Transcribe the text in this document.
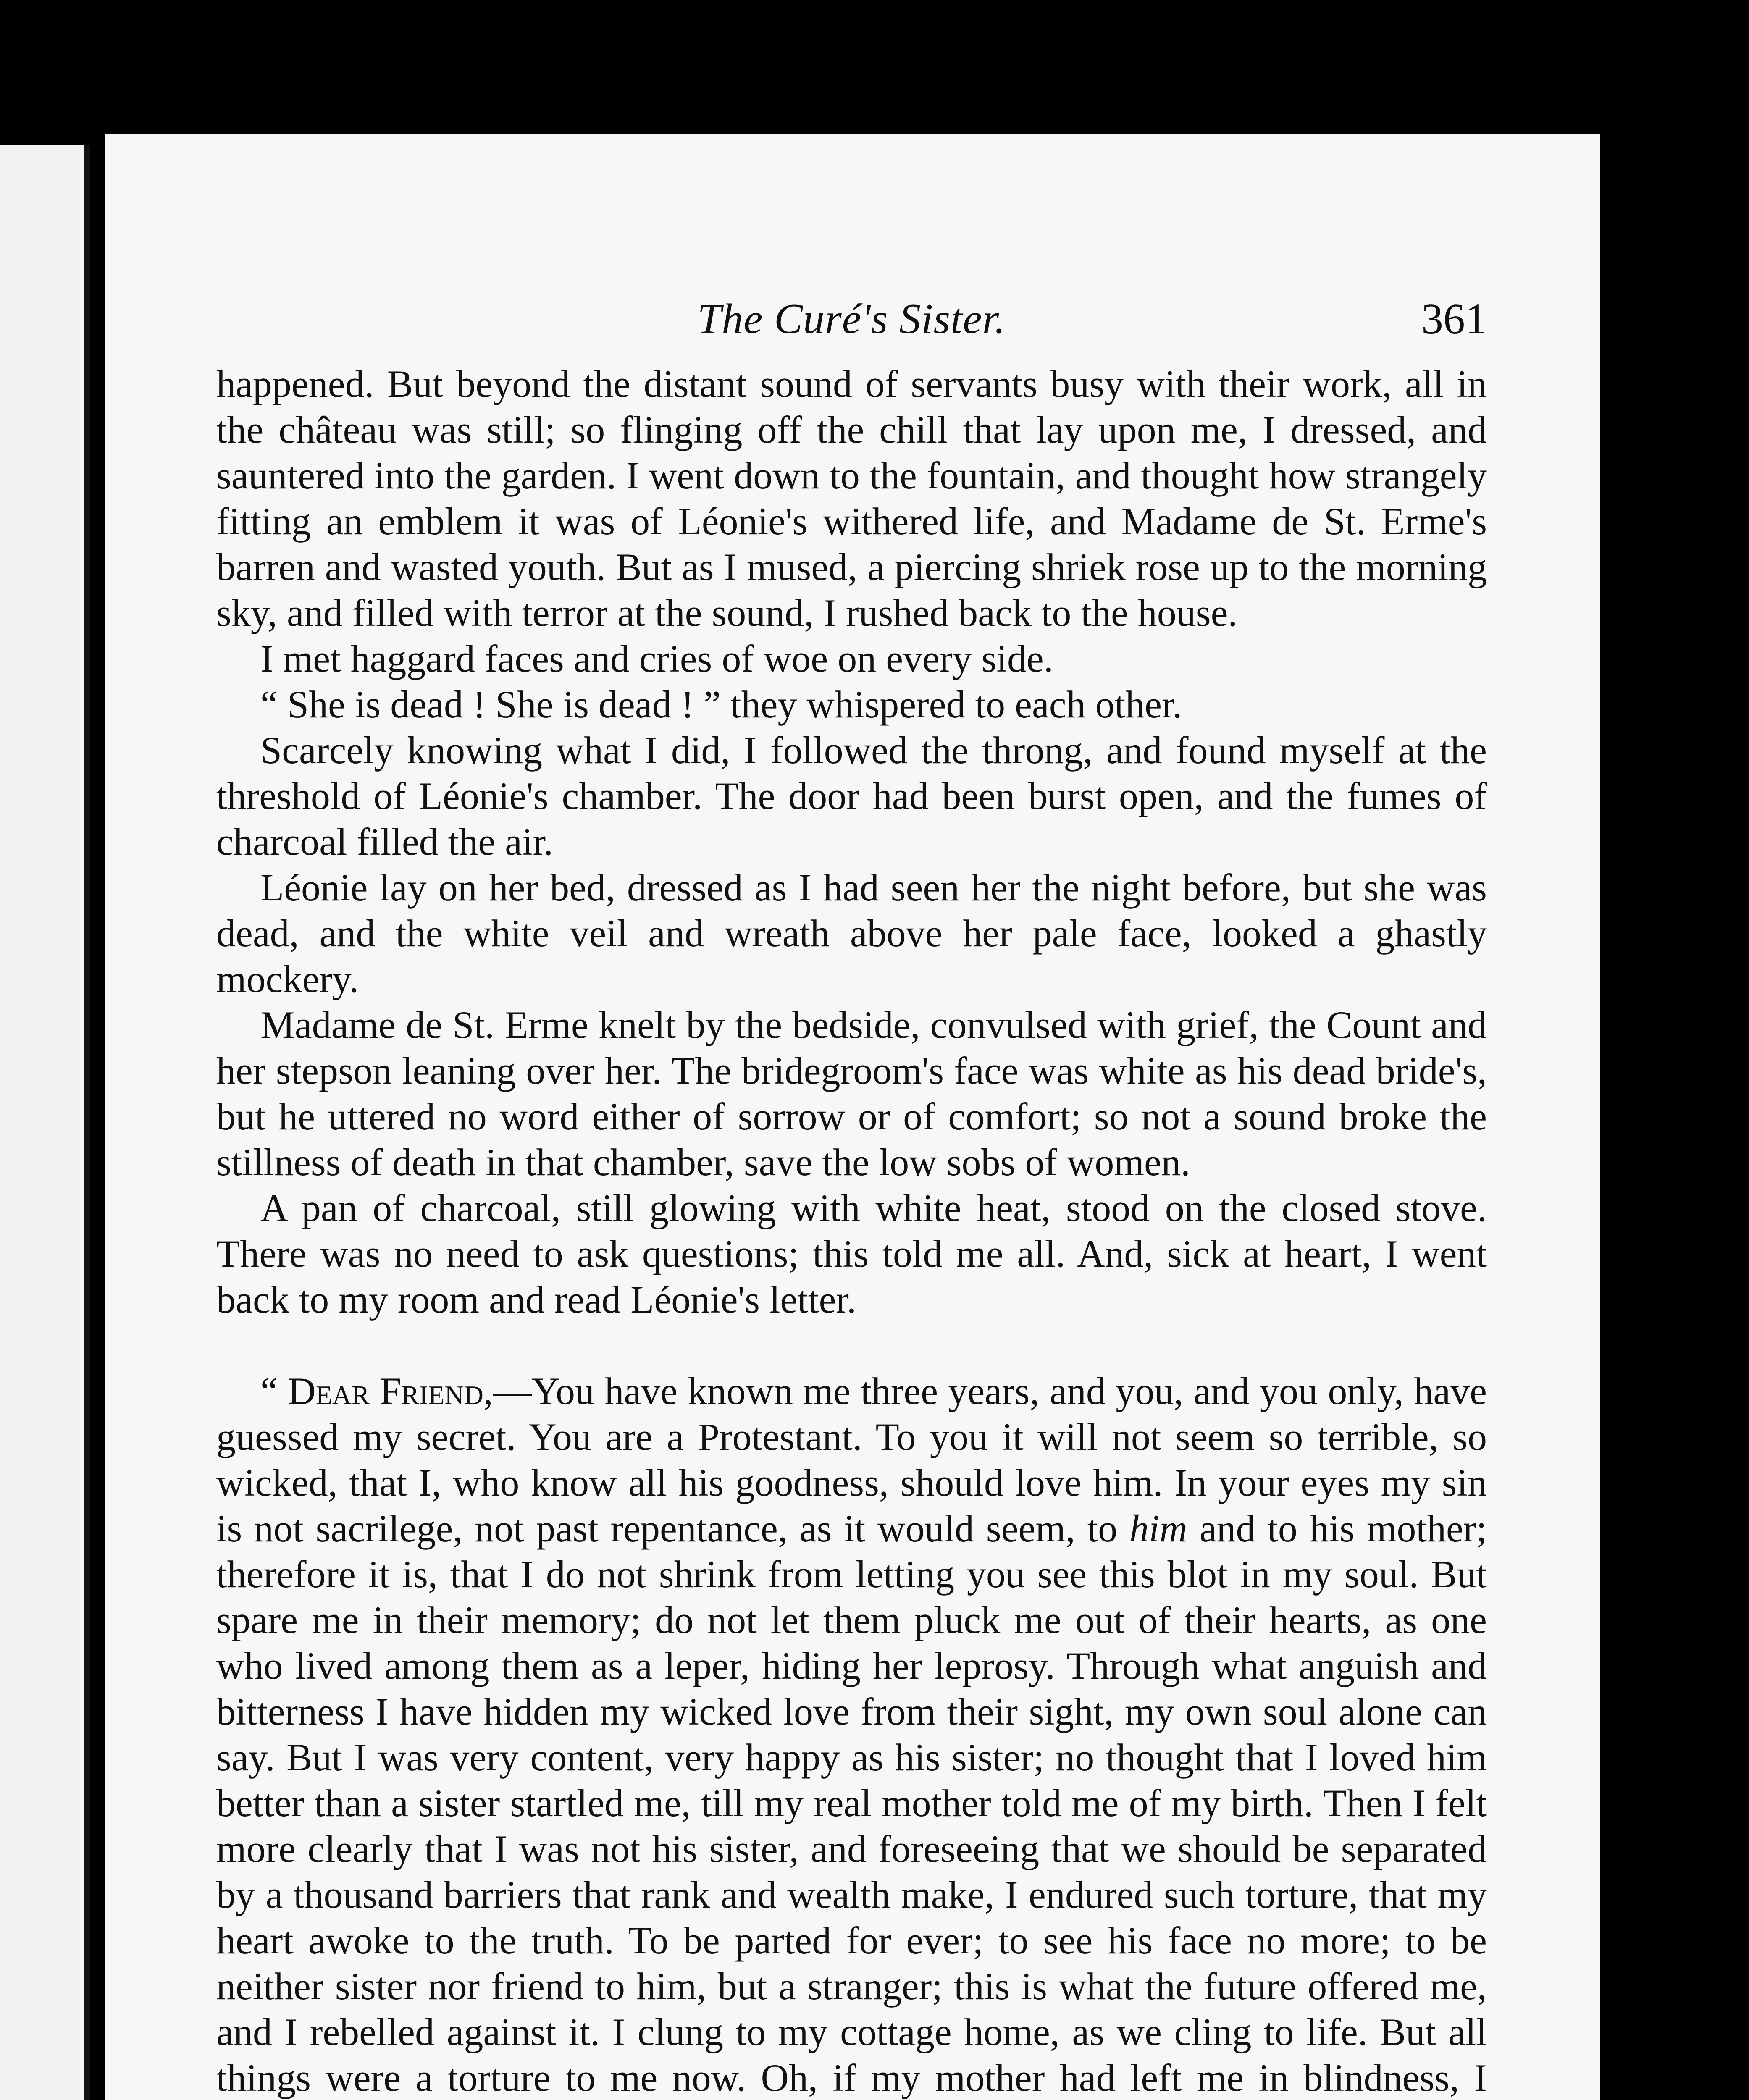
The Curé's Sister.	361

happened. But beyond the distant sound of servants busy with their work, all in the château was still; so flinging off the chill that lay upon me, I dressed, and sauntered into the garden. I went down to the fountain, and thought how strangely fitting an emblem it was of Léonie's withered life, and Madame de St. Erme's barren and wasted youth. But as I mused, a piercing shriek rose up to the morning sky, and filled with terror at the sound, I rushed back to the house.

I met haggard faces and cries of woe on every side.

“ She is dead ! She is dead ! ” they whispered to each other.

Scarcely knowing what I did, I followed the throng, and found myself at the threshold of Léonie's chamber. The door had been burst open, and the fumes of charcoal filled the air.

Léonie lay on her bed, dressed as I had seen her the night before, but she was dead, and the white veil and wreath above her pale face, looked a ghastly mockery.

Madame de St. Erme knelt by the bedside, convulsed with grief, the Count and her stepson leaning over her. The bridegroom's face was white as his dead bride's, but he uttered no word either of sorrow or of comfort; so not a sound broke the stillness of death in that chamber, save the low sobs of women.

A pan of charcoal, still glowing with white heat, stood on the closed stove. There was no need to ask questions; this told me all. And, sick at heart, I went back to my room and read Léonie's letter.

“ Dear Friend,—You have known me three years, and you, and you only, have guessed my secret. You are a Protestant. To you it will not seem so terrible, so wicked, that I, who know all his goodness, should love him. In your eyes my sin is not sacrilege, not past repentance, as it would seem, to him and to his mother; therefore it is, that I do not shrink from letting you see this blot in my soul. But spare me in their memory; do not let them pluck me out of their hearts, as one who lived among them as a leper, hiding her leprosy. Through what anguish and bitterness I have hidden my wicked love from their sight, my own soul alone can say. But I was very content, very happy as his sister; no thought that I loved him better than a sister startled me, till my real mother told me of my birth. Then I felt more clearly that I was not his sister, and foreseeing that we should be separated by a thousand barriers that rank and wealth make, I endured such torture, that my heart awoke to the truth. To be parted for ever; to see his face no more; to be neither sister nor friend to him, but a stranger; this is what the future offered me, and I rebelled against it. I clung to my cottage home, as we cling to life. But all things were a torture to me now. Oh, if my mother had left me in blindness, I
